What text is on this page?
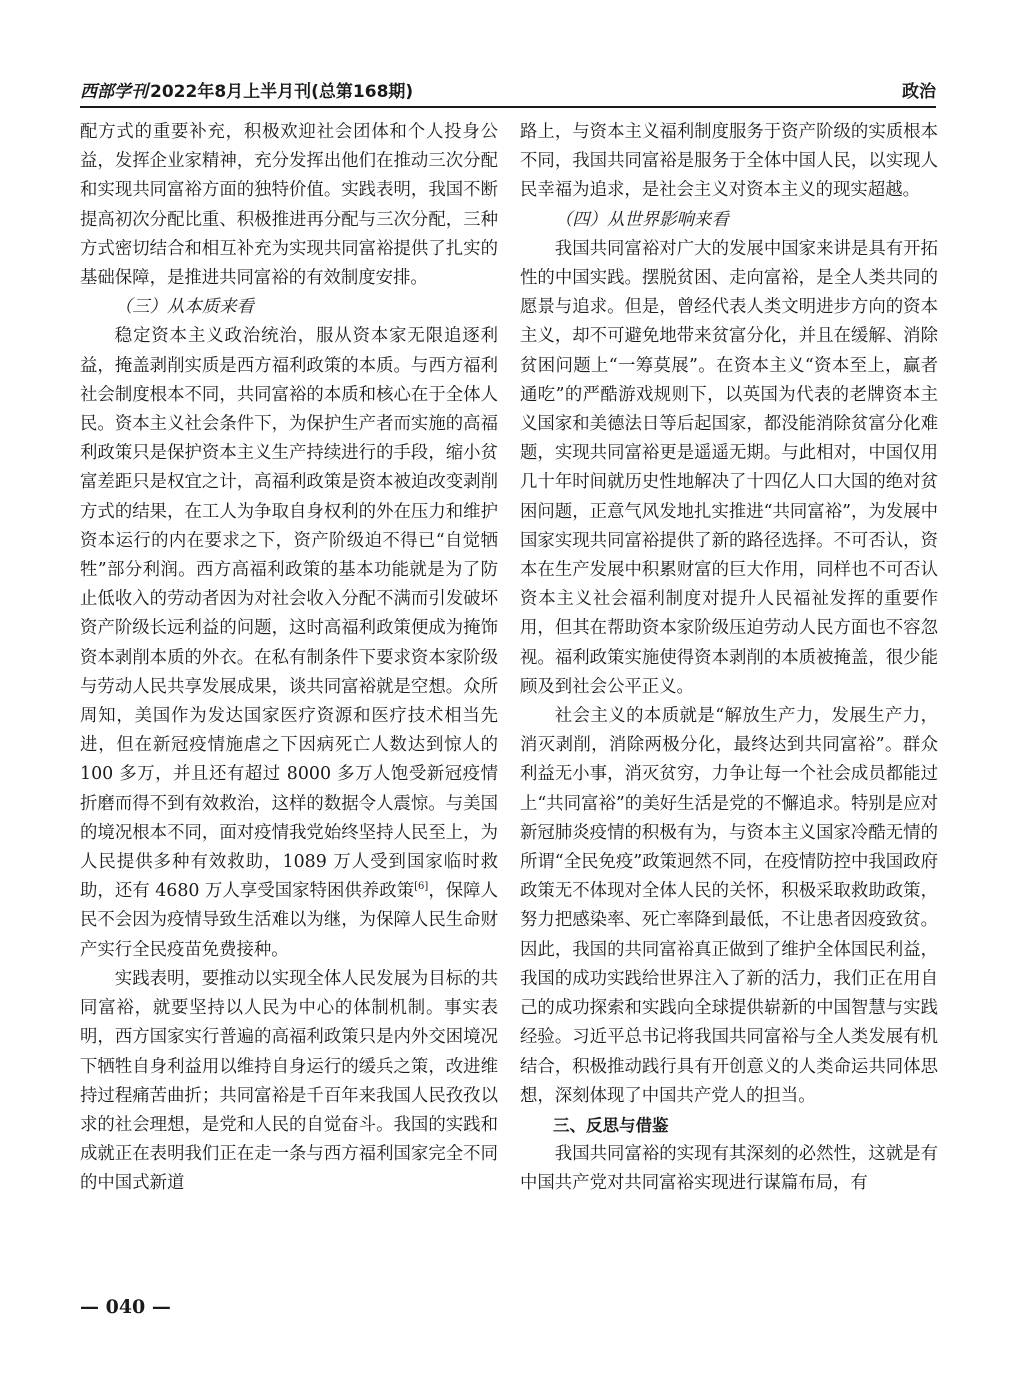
西部学刊 2022年8月上半月刊(总第168期)	政治

配方式的重要补充，积极欢迎社会团体和个人投身公益，发挥企业家精神，充分发挥出他们在推动三次分配和实现共同富裕方面的独特价值。实践表明，我国不断提高初次分配比重、积极推进再分配与三次分配，三种方式密切结合和相互补充为实现共同富裕提供了扎实的基础保障，是推进共同富裕的有效制度安排。

（三）从本质来看

稳定资本主义政治统治，服从资本家无限追逐利益，掩盖剥削实质是西方福利政策的本质。与西方福利社会制度根本不同，共同富裕的本质和核心在于全体人民。资本主义社会条件下，为保护生产者而实施的高福利政策只是保护资本主义生产持续进行的手段，缩小贫富差距只是权宜之计，高福利政策是资本被迫改变剥削方式的结果，在工人为争取自身权利的外在压力和维护资本运行的内在要求之下，资产阶级迫不得已“自觉牺牲”部分利润。西方高福利政策的基本功能就是为了防止低收入的劳动者因为对社会收入分配不满而引发破坏资产阶级长远利益的问题，这时高福利政策便成为掩饰资本剥削本质的外衣。在私有制条件下要求资本家阶级与劳动人民共享发展成果，谈共同富裕就是空想。众所周知，美国作为发达国家医疗资源和医疗技术相当先进，但在新冠疫情施虐之下因病死亡人数达到惊人的 100 多万，并且还有超过 8000 多万人饱受新冠疫情折磨而得不到有效救治，这样的数据令人震惊。与美国的境况根本不同，面对疫情我党始终坚持人民至上，为人民提供多种有效救助，1089 万人受到国家临时救助，还有 4680 万人享受国家特困供养政策[6]，保障人民不会因为疫情导致生活难以为继，为保障人民生命财产实行全民疫苗免费接种。

实践表明，要推动以实现全体人民发展为目标的共同富裕，就要坚持以人民为中心的体制机制。事实表明，西方国家实行普遍的高福利政策只是内外交困境况下牺牲自身利益用以维持自身运行的缓兵之策，改进维持过程痛苦曲折；共同富裕是千百年来我国人民孜孜以求的社会理想，是党和人民的自觉奋斗。我国的实践和成就正在表明我们正在走一条与西方福利国家完全不同的中国式新道

路上，与资本主义福利制度服务于资产阶级的实质根本不同，我国共同富裕是服务于全体中国人民，以实现人民幸福为追求，是社会主义对资本主义的现实超越。

（四）从世界影响来看

我国共同富裕对广大的发展中国家来讲是具有开拓性的中国实践。摆脱贫困、走向富裕，是全人类共同的愿景与追求。但是，曾经代表人类文明进步方向的资本主义，却不可避免地带来贫富分化，并且在缓解、消除贫困问题上“一筹莫展”。在资本主义“资本至上，赢者通吃”的严酷游戏规则下，以英国为代表的老牌资本主义国家和美德法日等后起国家，都没能消除贫富分化难题，实现共同富裕更是遥遥无期。与此相对，中国仅用几十年时间就历史性地解决了十四亿人口大国的绝对贫困问题，正意气风发地扎实推进“共同富裕”，为发展中国家实现共同富裕提供了新的路径选择。不可否认，资本在生产发展中积累财富的巨大作用，同样也不可否认资本主义社会福利制度对提升人民福祉发挥的重要作用，但其在帮助资本家阶级压迫劳动人民方面也不容忽视。福利政策实施使得资本剥削的本质被掩盖，很少能顾及到社会公平正义。

社会主义的本质就是“解放生产力，发展生产力，消灭剥削，消除两极分化，最终达到共同富裕”。群众利益无小事，消灭贫穷，力争让每一个社会成员都能过上“共同富裕”的美好生活是党的不懈追求。特别是应对新冠肺炎疫情的积极有为，与资本主义国家冷酷无情的所谓“全民免疫”政策迥然不同，在疫情防控中我国政府政策无不体现对全体人民的关怀，积极采取救助政策，努力把感染率、死亡率降到最低，不让患者因疫致贫。因此，我国的共同富裕真正做到了维护全体国民利益，我国的成功实践给世界注入了新的活力，我们正在用自己的成功探索和实践向全球提供崭新的中国智慧与实践经验。习近平总书记将我国共同富裕与全人类发展有机结合，积极推动践行具有开创意义的人类命运共同体思想，深刻体现了中国共产党人的担当。

三、反思与借鉴

我国共同富裕的实现有其深刻的必然性，这就是有中国共产党对共同富裕实现进行谋篇布局，有

— 040 —
